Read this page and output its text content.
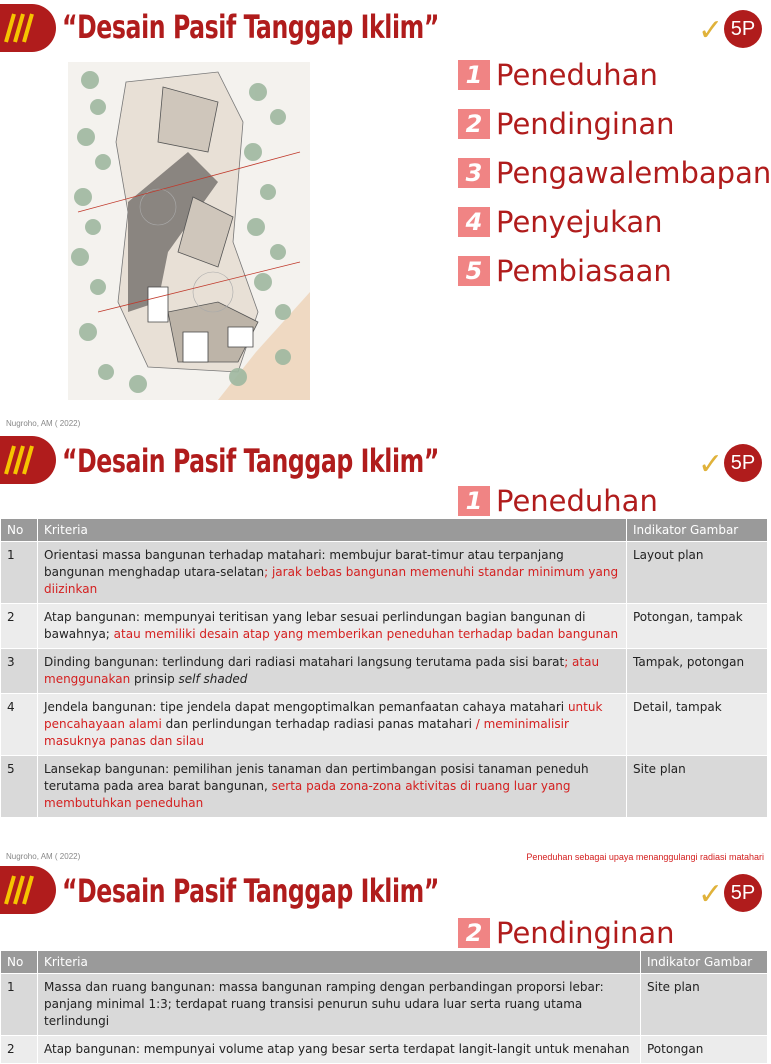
“Desain Pasif Tanggap Iklim”	✓ 5P
1 Peneduhan
2 Pendinginan
3 Pengawalembapan
4 Penyejukan
5 Pembiasaan
Nugroho, AM ( 2022)
“Desain Pasif Tanggap Iklim”	✓ 5P
1 Peneduhan
No	Kriteria	Indikator Gambar
1	Orientasi massa bangunan terhadap matahari: membujur barat-timur atau terpanjang bangunan menghadap utara-selatan; jarak bebas bangunan memenuhi standar minimum yang diizinkan	Layout plan
2	Atap bangunan: mempunyai teritisan yang lebar sesuai perlindungan bagian bangunan di bawahnya; atau memiliki desain atap yang memberikan peneduhan terhadap badan bangunan	Potongan, tampak
3	Dinding bangunan: terlindung dari radiasi matahari langsung terutama pada sisi barat; atau menggunakan prinsip self shaded	Tampak, potongan
4	Jendela bangunan: tipe jendela dapat mengoptimalkan pemanfaatan cahaya matahari untuk pencahayaan alami dan perlindungan terhadap radiasi panas matahari / meminimalisir masuknya panas dan silau	Detail, tampak
5	Lansekap bangunan: pemilihan jenis tanaman dan pertimbangan posisi tanaman peneduh terutama pada area barat bangunan, serta pada zona-zona aktivitas di ruang luar yang membutuhkan peneduhan	Site plan
Nugroho, AM ( 2022)	Peneduhan sebagai upaya menanggulangi radiasi matahari
“Desain Pasif Tanggap Iklim”	✓ 5P
2 Pendinginan
No	Kriteria	Indikator Gambar
1	Massa dan ruang bangunan: massa bangunan ramping dengan perbandingan proporsi lebar: panjang minimal 1:3; terdapat ruang transisi penurun suhu udara luar serta ruang utama terlindungi	Site plan
2	Atap bangunan: mempunyai volume atap yang besar serta terdapat langit-langit untuk menahan	Potongan
